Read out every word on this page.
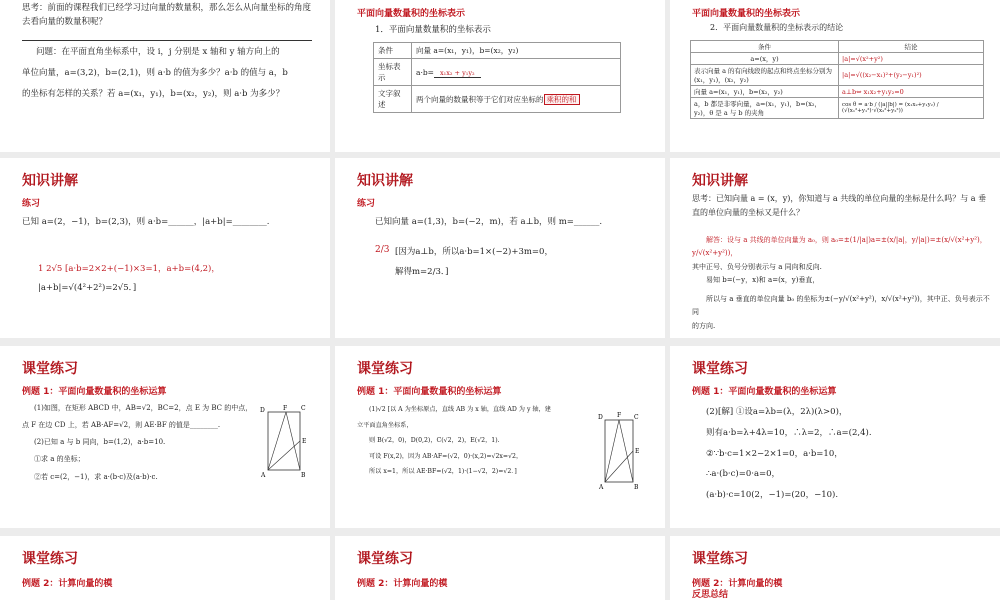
思考：前面的课程我们已经学习过向量的数量积，那么怎么从向量坐标的角度去看向量的数量积呢？
问题：在平面直角坐标系中，设 i，j 分别是 x 轴和 y 轴方向上的
单位向量，a=(3,2)，b=(2,1)，则 a·b 的值为多少？a·b 的值与 a，b
的坐标有怎样的关系？若 a=(x₁，y₁)，b=(x₂，y₂)，则 a·b 为多少？
平面向量数量积的坐标表示
1．平面向量数量积的坐标表示
条件	向量 a=(x₁，y₁)，b=(x₂，y₂)
坐标表示	a·b= x₁x₂ + y₁y₂
文字叙述	两个向量的数量积等于它们对应坐标的 乘积的和
平面向量数量积的坐标表示
2．平面向量数量积的坐标表示的结论
条件	结论
a=(x，y)	|a|=√(x²+y²)
表示向量 a 的有向线段的起点和终点坐标分别为(x₁，y₁)，(x₂，y₂)	|a|=√((x₂−x₁)²+(y₂−y₁)²)
向量 a=(x₁，y₁)，b=(x₂，y₂)	a⊥b⇔ x₁x₂+y₁y₂=0
a，b 都是非零向量，a=(x₁，y₁)，b=(x₂，y₂)，θ 是 a 与 b 的夹角	cos θ = a·b / (|a||b|) = (x₁x₂+y₁y₂) / (√(x₁²+y₁²)·√(x₂²+y₂²))
知识讲解
练习
已知 a=(2，−1)，b=(2,3)，则 a·b=______，|a+b|=________.
1 2√5 [a·b=2×2+(−1)×3=1，a+b=(4,2)，
|a+b|=√(4²+2²)=2√5．]
知识讲解
练习
已知向量 a=(1,3)，b=(−2，m)，若 a⊥b，则 m=______.
2/3 [因为a⊥b，所以a·b=1×(−2)+3m=0，
解得m=2/3．]
知识讲解
思考：已知向量 a = (x，y)，你知道与 a 共线的单位向量的坐标是什么吗？与 a 垂直的单位向量的坐标又是什么？
解答：设与 a 共线的单位向量为 a₀，则 a₀=±(1/|a|)a=±(x/|a|，y/|a|)=±(x/√(x²+y²)，y/√(x²+y²))，
其中正号、负号分别表示与 a 同向和反向.
易知 b=(−y，x)和 a=(x，y)垂直，
所以与 a 垂直的单位向量 b₀ 的坐标为±(−y/√(x²+y²)，x/√(x²+y²))，其中正、负号表示不同
的方向.
课堂练习
例题 1：平面向量数量积的坐标运算
(1)如图，在矩形 ABCD 中，AB=√2，BC=2，点 E 为 BC 的中点，
点 F 在边 CD 上，若 AB·AF=√2，则 AE·BF 的值是________.
(2)已知 a 与 b 同向，b=(1,2)，a·b=10.
①求 a 的坐标；
②若 c=(2，−1)，求 a·(b·c)及(a·b)·c.
D	F C
E
A	B
课堂练习
例题 1：平面向量数量积的坐标运算
(1)√2 [以 A 为坐标原点，直线 AB 为 x 轴，直线 AD 为 y 轴，建
立平面直角坐标系，
则 B(√2，0)，D(0,2)，C(√2，2)，E(√2，1).
可设 F(x,2)，因为 AB·AF=(√2，0)·(x,2)=√2x=√2，
所以 x=1，所以 AE·BF=(√2，1)·(1−√2，2)=√2．]
D F C
E
A	B
课堂练习
例题 1：平面向量数量积的坐标运算
(2)[解] ①设a=λb=(λ，2λ)(λ>0)，
则有a·b=λ+4λ=10，∴λ=2，∴a=(2,4).
②∵b·c=1×2−2×1=0，a·b=10，
∴a·(b·c)=0·a=0，
(a·b)·c=10(2，−1)=(20，−10).
课堂练习
例题 2：计算向量的模
课堂练习
例题 2：计算向量的模
课堂练习
例题 2：计算向量的模
反思总结
